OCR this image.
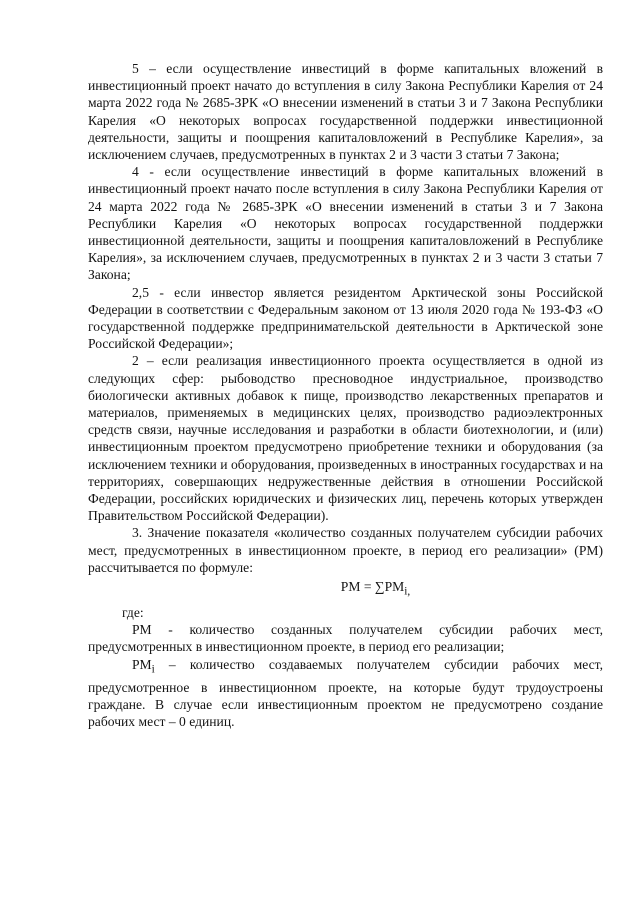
5 – если осуществление инвестиций в форме капитальных вложений в инвестиционный проект начато до вступления в силу Закона Республики Карелия от 24 марта 2022 года № 2685-ЗРК «О внесении изменений в статьи 3 и 7 Закона Республики Карелия «О некоторых вопросах государственной поддержки инвестиционной деятельности, защиты и поощрения капиталовложений в Республике Карелия», за исключением случаев, предусмотренных в пунктах 2 и 3 части 3 статьи 7 Закона;

4 - если осуществление инвестиций в форме капитальных вложений в инвестиционный проект начато после вступления в силу Закона Республики Карелия от 24 марта 2022 года № 2685-ЗРК «О внесении изменений в статьи 3 и 7 Закона Республики Карелия «О некоторых вопросах государственной поддержки инвестиционной деятельности, защиты и поощрения капиталовложений в Республике Карелия», за исключением случаев, предусмотренных в пунктах 2 и 3 части 3 статьи 7 Закона;

2,5 - если инвестор является резидентом Арктической зоны Российской Федерации в соответствии с Федеральным законом от 13 июля 2020 года № 193-ФЗ «О государственной поддержке предпринимательской деятельности в Арктической зоне Российской Федерации»;

2 – если реализация инвестиционного проекта осуществляется в одной из следующих сфер: рыбоводство пресноводное индустриальное, производство биологически активных добавок к пище, производство лекарственных препаратов и материалов, применяемых в медицинских целях, производство радиоэлектронных средств связи, научные исследования и разработки в области биотехнологии, и (или) инвестиционным проектом предусмотрено приобретение техники и оборудования (за исключением техники и оборудования, произведенных в иностранных государствах и на территориях, совершающих недружественные действия в отношении Российской Федерации, российских юридических и физических лиц, перечень которых утвержден Правительством Российской Федерации).

3. Значение показателя «количество созданных получателем субсидии рабочих мест, предусмотренных в инвестиционном проекте, в период его реализации» (РМ) рассчитывается по формуле:

РМ = $\sum РМ_{i,}$

где:

РМ - количество созданных получателем субсидии рабочих мест, предусмотренных в инвестиционном проекте, в период его реализации;

$РМ_i$ – количество создаваемых получателем субсидии рабочих мест, предусмотренное в инвестиционном проекте, на которые будут трудоустроены граждане. В случае если инвестиционным проектом не предусмотрено создание рабочих мест – 0 единиц.
